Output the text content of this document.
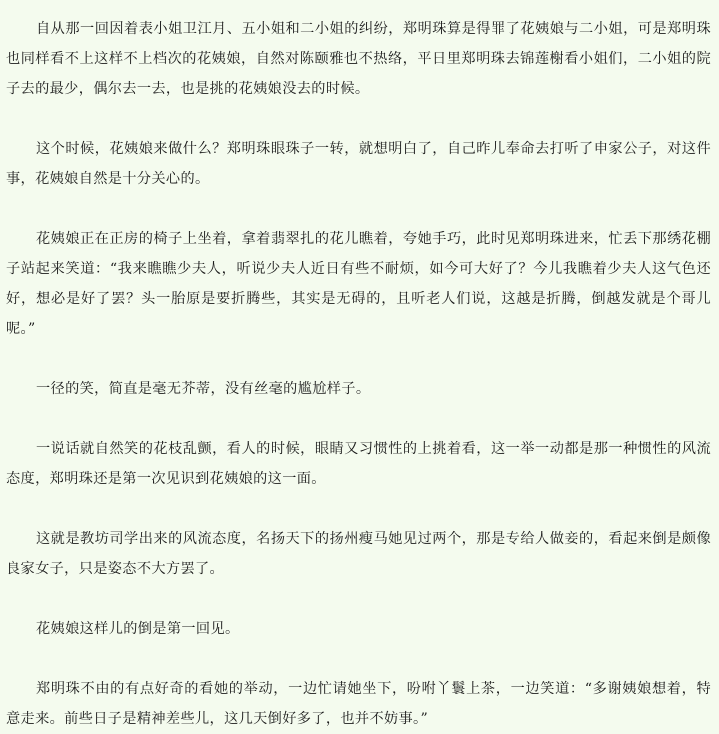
自从那一回因着表小姐卫江月、五小姐和二小姐的纠纷，郑明珠算是得罪了花姨娘与二小姐，可是郑明珠也同样看不上这样不上档次的花姨娘，自然对陈颐雅也不热络，平日里郑明珠去锦莲榭看小姐们，二小姐的院子去的最少，偶尔去一去，也是挑的花姨娘没去的时候。

这个时候，花姨娘来做什么？郑明珠眼珠子一转，就想明白了，自己昨儿奉命去打听了申家公子，对这件事，花姨娘自然是十分关心的。

花姨娘正在正房的椅子上坐着，拿着翡翠扎的花儿瞧着，夸她手巧，此时见郑明珠进来，忙丢下那绣花棚子站起来笑道：“我来瞧瞧少夫人，听说少夫人近日有些不耐烦，如今可大好了？今儿我瞧着少夫人这气色还好，想必是好了罢？头一胎原是要折腾些，其实是无碍的，且听老人们说，这越是折腾，倒越发就是个哥儿呢。”

一径的笑，简直是毫无芥蒂，没有丝毫的尴尬样子。

一说话就自然笑的花枝乱颤，看人的时候，眼睛又习惯性的上挑着看，这一举一动都是那一种惯性的风流态度，郑明珠还是第一次见识到花姨娘的这一面。

这就是教坊司学出来的风流态度，名扬天下的扬州瘦马她见过两个，那是专给人做妾的，看起来倒是颇像良家女子，只是姿态不大方罢了。

花姨娘这样儿的倒是第一回见。

郑明珠不由的有点好奇的看她的举动，一边忙请她坐下，吩咐丫鬟上茶，一边笑道：“多谢姨娘想着，特意走来。前些日子是精神差些儿，这几天倒好多了，也并不妨事。”
